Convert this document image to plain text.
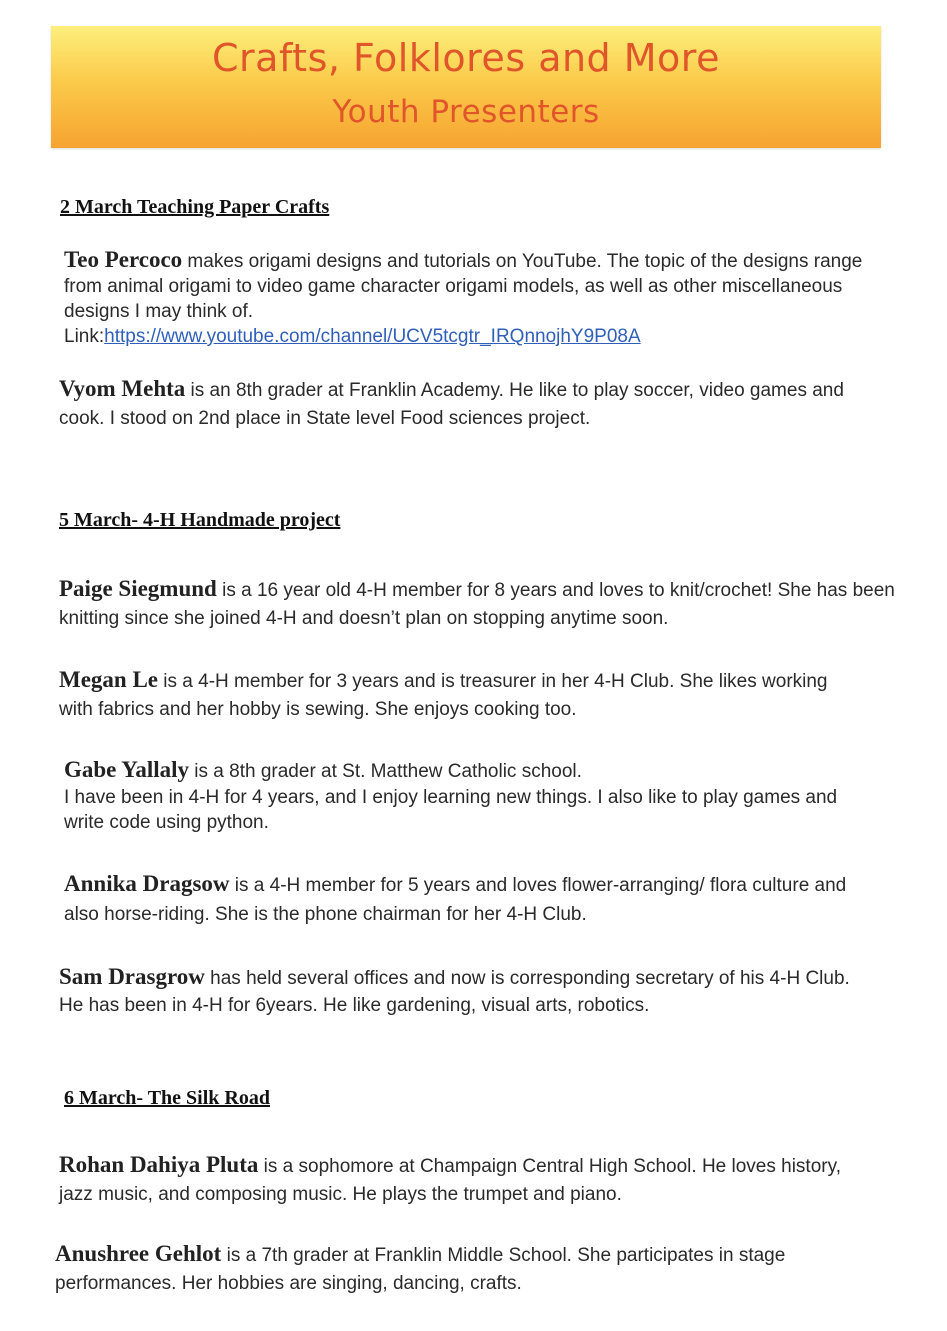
Crafts, Folklores and More
Youth Presenters
2 March Teaching Paper Crafts
Teo Percoco makes origami designs and tutorials on YouTube. The topic of the designs range from animal origami to video game character origami models, as well as other miscellaneous designs I may think of.
Link:https://www.youtube.com/channel/UCV5tcgtr_IRQnnojhY9P08A
Vyom Mehta is an 8th grader at Franklin Academy. He like to play soccer, video games and cook. I stood on 2nd place in State level Food sciences project.
5 March- 4-H Handmade project
Paige Siegmund is a 16 year old 4-H member for 8 years and loves to knit/crochet! She has been knitting since she joined 4-H and doesn’t plan on stopping anytime soon.
Megan Le is a 4-H member for 3 years and is treasurer in her 4-H Club. She likes working with fabrics and her hobby is sewing. She enjoys cooking too.
Gabe Yallaly is a 8th grader at St. Matthew Catholic school.
I have been in 4-H for 4 years, and I enjoy learning new things. I also like to play games and write code using python.
Annika Dragsow is a 4-H member for 5 years and loves flower-arranging/ flora culture and also horse-riding. She is the phone chairman for her 4-H Club.
Sam Drasgrow has held several offices and now is corresponding secretary of his 4-H Club. He has been in 4-H for 6years. He like gardening, visual arts, robotics.
6 March- The Silk Road
Rohan Dahiya Pluta is a sophomore at Champaign Central High School. He loves history, jazz music, and composing music. He plays the trumpet and piano.
Anushree Gehlot is a 7th grader at Franklin Middle School. She participates in stage performances. Her hobbies are singing, dancing, crafts.
